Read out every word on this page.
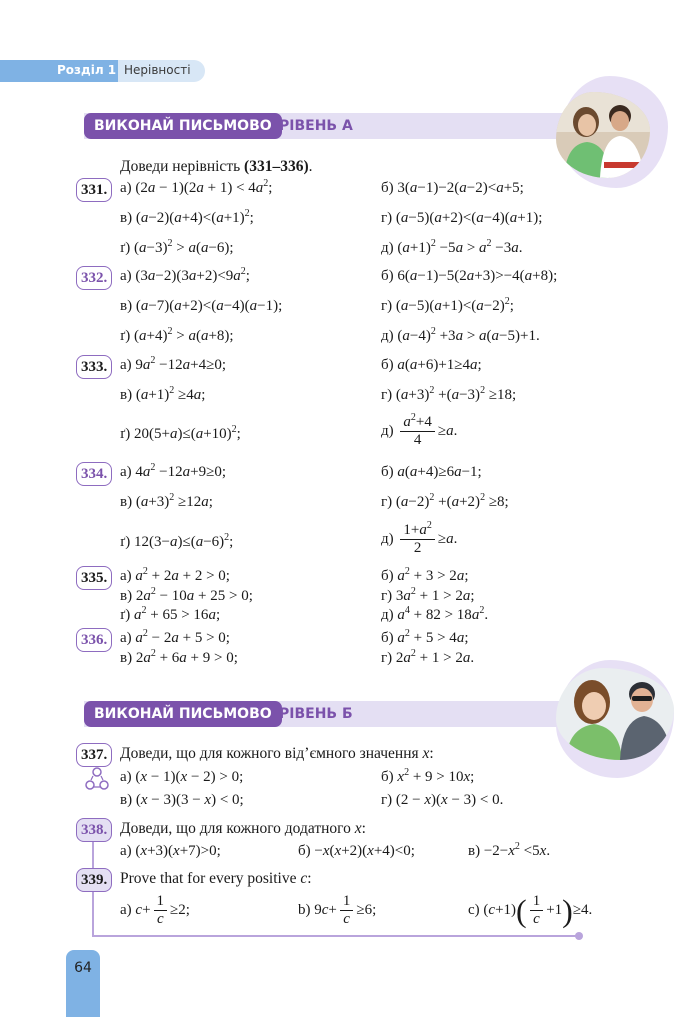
Розділ 1 Нерівності
ВИКОНАЙ ПИСЬМОВО РІВЕНЬ А
Доведи нерівність (331–336).
331. а) $(2a - 1)(2a + 1) < 4a^2$;	б) 3(a−1)−2(a−2)<a+5;
в) $(a-2)(a+4)<(a+1)^2$;	г) (a−5)(a+2)<(a−4)(a+1);
ґ) $(a-3)^2 > a(a-6)$;	д) $(a+1)^2 -5a > a^2 -3a$.
332. а) $(3a-2)(3a+2)<9a^2$;	б) 6(a−1)−5(2a+3)>−4(a+8);
в) (a−7)(a+2)<(a−4)(a−1);	г) $(a-5)(a+1)<(a-2)^2$;
ґ) $(a+4)^2 > a(a+8)$;	д) $(a-4)^2 +3a > a(a-5)+1$.
333. а) $9a^2 -12a+4\ge 0$;	б) a(a+6)+1≥4a;
в) $(a+1)^2 \ge 4a$;	г) $(a+3)^2 +(a-3)^2 \ge 18$;
ґ) $20(5+a)\le(a+10)^2$;	$д) \frac{a^2+4}{4} \ge a$.
334. а) $4a^2 -12a+9\ge 0$;	б) a(a+4)≥6a−1;
в) $(a+3)^2 \ge 12a$;	г) $(a-2)^2 +(a+2)^2 \ge 8$;
ґ) $12(3-a)\le(a-6)^2$;	$д) \frac{1+a^2}{2} \ge a$.
335. а) $a^2 + 2a + 2 > 0$;	б) $a^2 + 3 > 2a$;
в) $2a^2 - 10a + 25 > 0$;	г) $3a^2 + 1 > 2a$;
ґ) $a^2 + 65 > 16a$;	д) $a^4 + 82 > 18a^2$.
336. а) $a^2 - 2a + 5 > 0$;	б) $a^2 + 5 > 4a$;
в) $2a^2 + 6a + 9 > 0$;	г) $2a^2 + 1 > 2a$.
ВИКОНАЙ ПИСЬМОВО РІВЕНЬ Б
337. Доведи, що для кожного від’ємного значення x:
а) (x − 1)(x − 2) > 0;	б) $x^2 + 9 > 10x$;
в) (x − 3)(3 − x) < 0;	г) (2 − x)(x − 3) < 0.
338. Доведи, що для кожного додатного x:
а) (x+3)(x+7)>0;	б) −x(x+2)(x+4)<0;	$в) -2-x^2 <5x$.
339. Prove that for every positive c:
a) $c+ \frac{1}{c} \ge 2$;	b) $9c+ \frac{1}{c} \ge 6$;	c) $(c+1)( \frac{1}{c} +1)\ge 4$.
64
